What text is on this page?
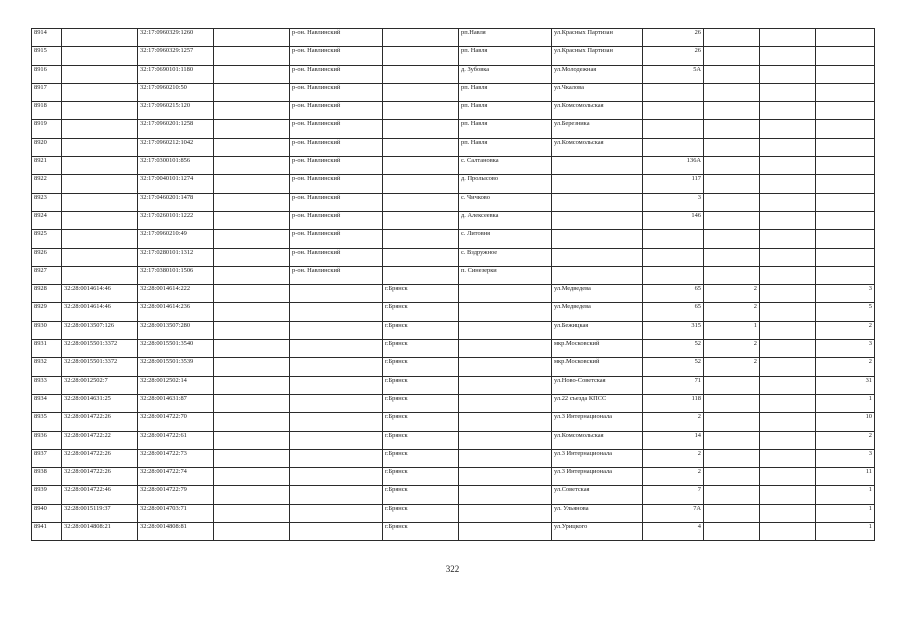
8914		32:17:0960329:1260		р-он. Навлинский		рп.Навля	ул.Красных Партизан	26			
8915		32:17:0960329:1257		р-он. Навлинский		рп. Навля	ул.Красных Партизан	26			
8916		32:17:0690101:1180		р-он. Навлинский		д. Зубовка	ул.Молодежная	5А			
8917		32:17:0960210:50		р-он. Навлинский		рп. Навля	ул.Чкалова				
8918		32:17:0960215:120		р-он. Навлинский		рп. Навля	ул.Комсомольская				
8919		32:17:0960201:1258		р-он. Навлинский		рп. Навля	ул.Березника				
8920		32:17:0960212:1042		р-он. Навлинский		рп. Навля	ул.Комсомольская				
8921		32:17:0300101:856		р-он. Навлинский		с. Салтановка		136А			
8922		32:17:0040101:1274		р-он. Навлинский		д. Пролысово		117			
8923		32:17:0460201:1478		р-он. Навлинский		с. Чичково		3			
8924		32:17:0260101:1222		р-он. Навлинский		д. Алексеевка		146			
8925		32:17:0960210:49		р-он. Навлинский		с. Литовня					
8926		32:17:0280101:1312		р-он. Навлинский		с. Вздружное					
8927		32:17:0380101:1506		р-он. Навлинский		п. Синезерки					
8928	32:28:0014614:46	32:28:0014614:222			г.Брянск		ул.Медведева	65	2		3
8929	32:28:0014614:46	32:28:0014614:236			г.Брянск		ул.Медведева	65	2		5
8930	32:28:0013507:126	32:28:0013507:280			г.Брянск		ул.Бежицкая	315	1		2
8931	32:28:0015501:3372	32:28:0015501:3540			г.Брянск		мкр.Московский	52	2		3
8932	32:28:0015501:3372	32:28:0015501:3539			г.Брянск		мкр.Московский	52	2		2
8933	32:28:0012502:7	32:28:0012502:14			г.Брянск		ул.Ново-Советская	71			31
8934	32:28:0014631:25	32:28:0014631:87			г.Брянск		ул.22 съезда КПСС	118			1
8935	32:28:0014722:26	32:28:0014722:70			г.Брянск		ул.3 Интернационала	2			10
8936	32:28:0014722:22	32:28:0014722:61			г.Брянск		ул.Комсомольская	14			2
8937	32:28:0014722:26	32:28:0014722:73			г.Брянск		ул.3 Интернационала	2			3
8938	32:28:0014722:26	32:28:0014722:74			г.Брянск		ул.3 Интернационала	2			11
8939	32:28:0014722:46	32:28:0014722:79			г.Брянск		ул.Советская	7			1
8940	32:28:0015119:37	32:28:0014703:71			г.Брянск		ул. Ульянова	7А			1
8941	32:28:0014808:21	32:28:0014808:81			г.Брянск		ул.Урицкого	4			1
322
